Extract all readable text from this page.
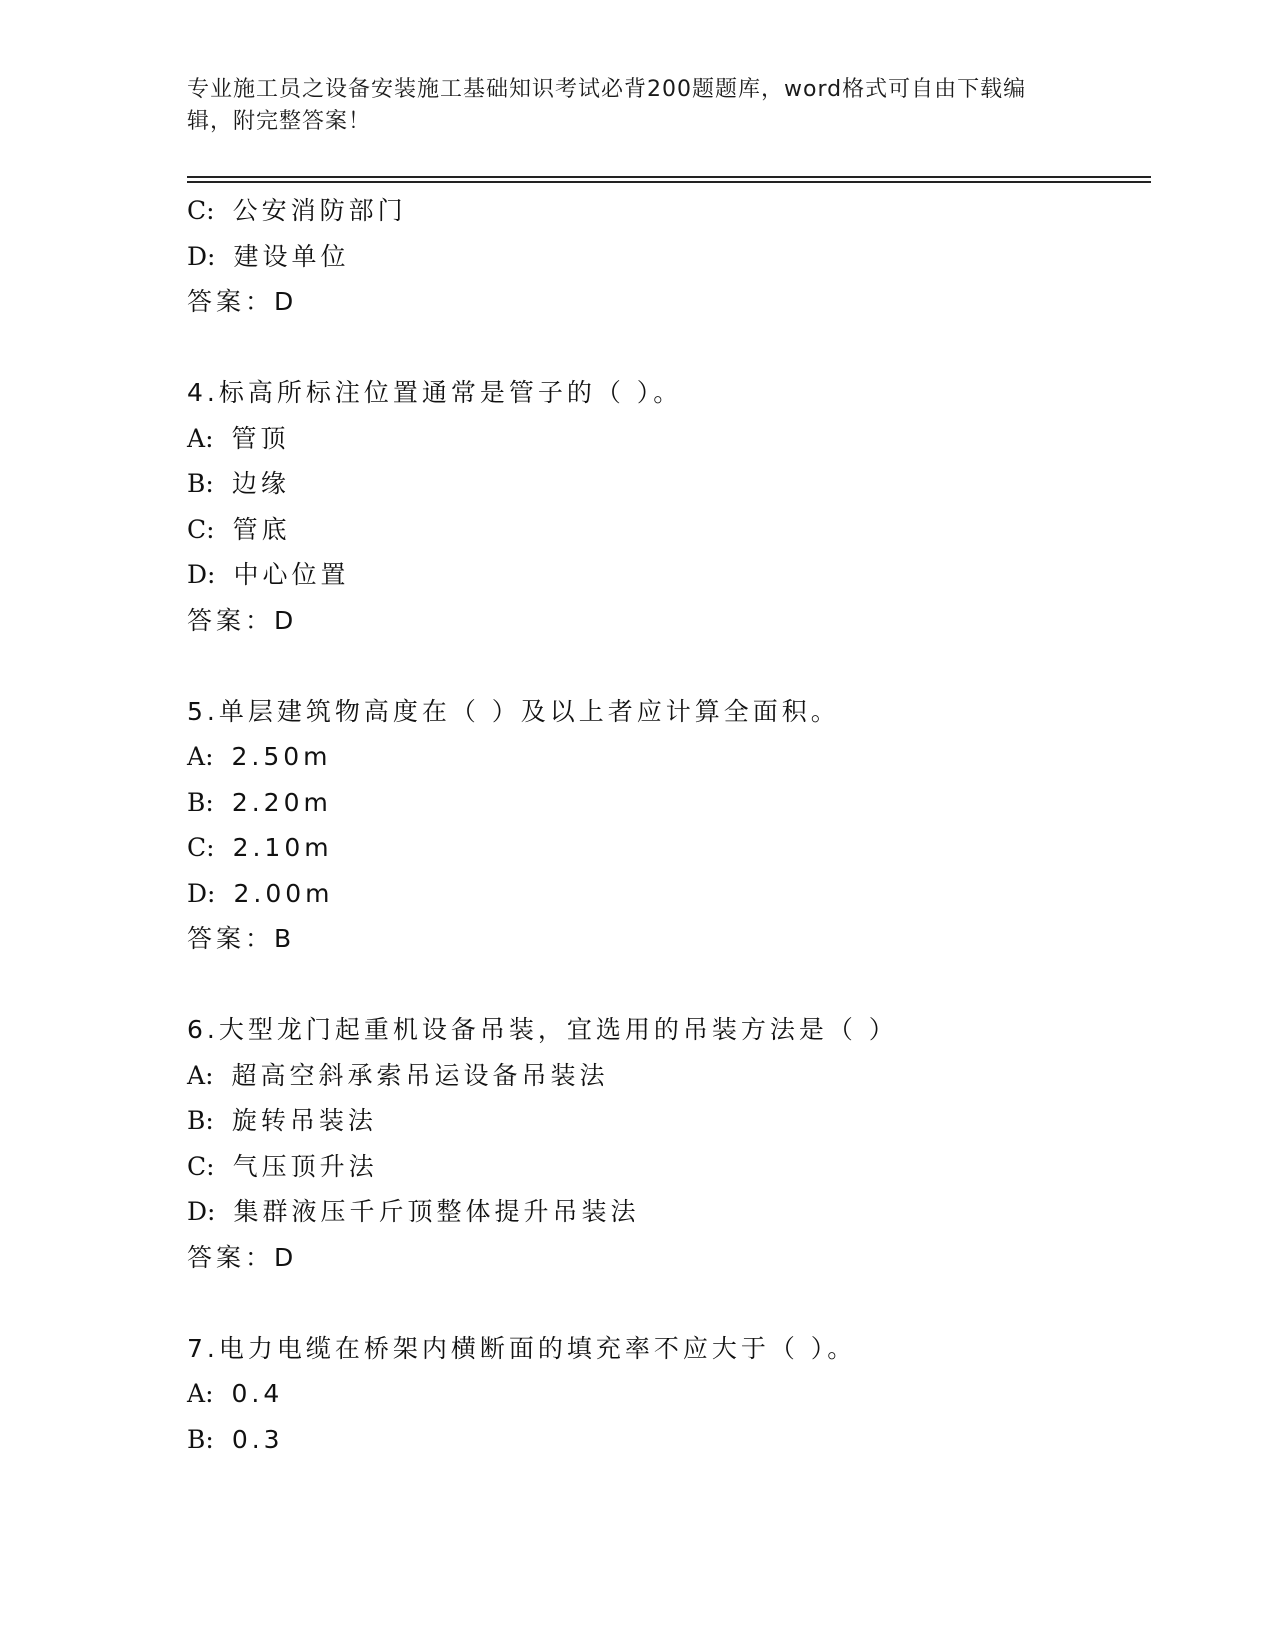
专业施工员之设备安装施工基础知识考试必背200题题库，word格式可自由下载编辑，附完整答案！
C: 公安消防部门
D: 建设单位
答案：D
4.标高所标注位置通常是管子的（ ）。
A: 管顶
B: 边缘
C: 管底
D: 中心位置
答案：D
5.单层建筑物高度在（ ）及以上者应计算全面积。
A: 2.50m
B: 2.20m
C: 2.10m
D: 2.00m
答案：B
6.大型龙门起重机设备吊装，宜选用的吊装方法是（ ）
A: 超高空斜承索吊运设备吊装法
B: 旋转吊装法
C: 气压顶升法
D: 集群液压千斤顶整体提升吊装法
答案：D
7.电力电缆在桥架内横断面的填充率不应大于（ ）。
A: 0.4
B: 0.3
